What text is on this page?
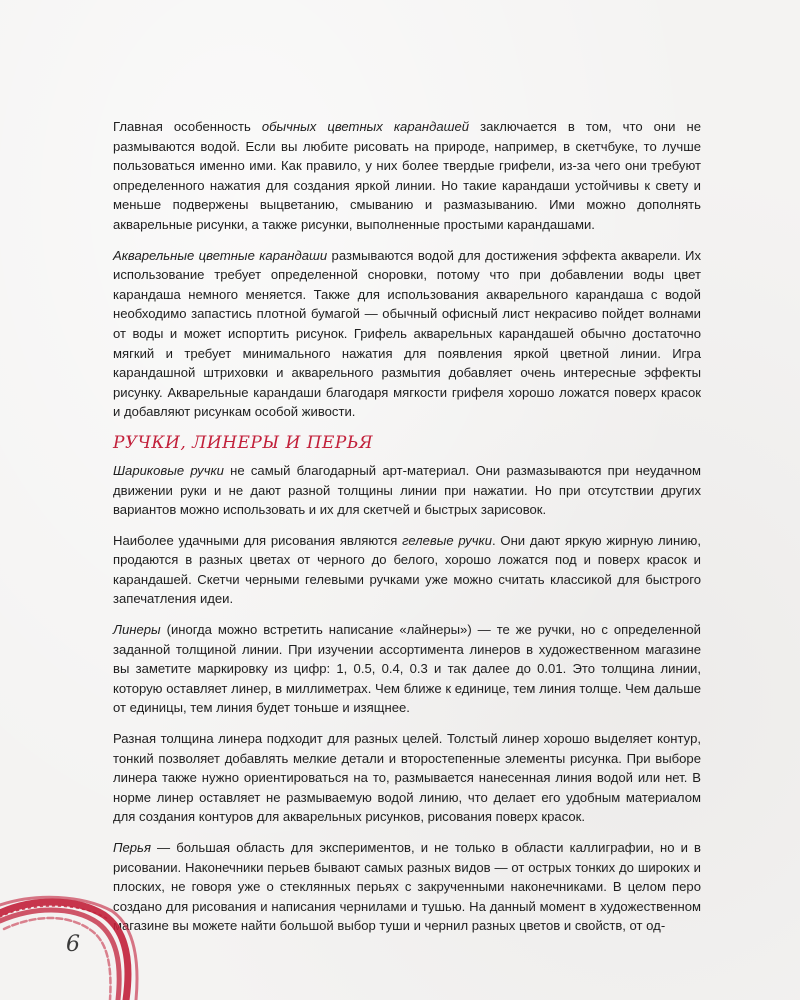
Главная особенность обычных цветных карандашей заключается в том, что они не размываются водой. Если вы любите рисовать на природе, например, в скетчбуке, то лучше пользоваться именно ими. Как правило, у них более твердые грифели, из-за чего они требуют определенного нажатия для создания яркой линии. Но такие карандаши устойчивы к свету и меньше подвержены выцветанию, смыванию и размазыванию. Ими можно дополнять акварельные рисунки, а также рисунки, выполненные простыми карандашами.

Акварельные цветные карандаши размываются водой для достижения эффекта акварели. Их использование требует определенной сноровки, потому что при добавлении воды цвет карандаша немного меняется. Также для использования акварельного карандаша с водой необходимо запастись плотной бумагой — обычный офисный лист некрасиво пойдет волнами от воды и может испортить рисунок. Грифель акварельных карандашей обычно достаточно мягкий и требует минимального нажатия для появления яркой цветной линии. Игра карандашной штриховки и акварельного размытия добавляет очень интересные эффекты рисунку. Акварельные карандаши благодаря мягкости грифеля хорошо ложатся поверх красок и добавляют рисункам особой живости.

РУЧКИ, ЛИНЕРЫ И ПЕРЬЯ

Шариковые ручки не самый благодарный арт-материал. Они размазываются при неудачном движении руки и не дают разной толщины линии при нажатии. Но при отсутствии других вариантов можно использовать и их для скетчей и быстрых зарисовок.

Наиболее удачными для рисования являются гелевые ручки. Они дают яркую жирную линию, продаются в разных цветах от черного до белого, хорошо ложатся под и поверх красок и карандашей. Скетчи черными гелевыми ручками уже можно считать классикой для быстрого запечатления идеи.

Линеры (иногда можно встретить написание «лайнеры») — те же ручки, но с определенной заданной толщиной линии. При изучении ассортимента линеров в художественном магазине вы заметите маркировку из цифр: 1, 0.5, 0.4, 0.3 и так далее до 0.01. Это толщина линии, которую оставляет линер, в миллиметрах. Чем ближе к единице, тем линия толще. Чем дальше от единицы, тем линия будет тоньше и изящнее.

Разная толщина линера подходит для разных целей. Толстый линер хорошо выделяет контур, тонкий позволяет добавлять мелкие детали и второстепенные элементы рисунка. При выборе линера также нужно ориентироваться на то, размывается нанесенная линия водой или нет. В норме линер оставляет не размываемую водой линию, что делает его удобным материалом для создания контуров для акварельных рисунков, рисования поверх красок.

Перья — большая область для экспериментов, и не только в области каллиграфии, но и в рисовании. Наконечники перьев бывают самых разных видов — от острых тонких до широких и плоских, не говоря уже о стеклянных перьях с закрученными наконечниками. В целом перо создано для рисования и написания чернилами и тушью. На данный момент в художественном магазине вы можете найти большой выбор туши и чернил разных цветов и свойств, от од-

6
